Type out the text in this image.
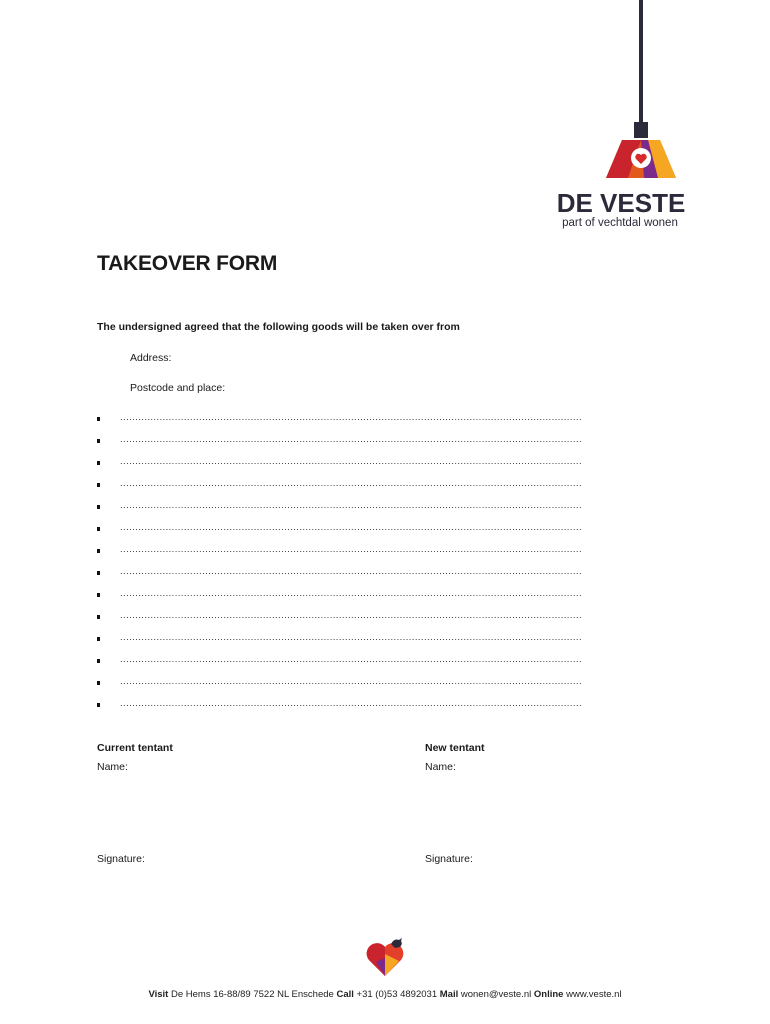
DE VESTE
part of vechtdal wonen
TAKEOVER FORM
The undersigned agreed that the following goods will be taken over from
Address:
Postcode and place:
........................................................................................................................................................
........................................................................................................................................................
........................................................................................................................................................
........................................................................................................................................................
........................................................................................................................................................
........................................................................................................................................................
........................................................................................................................................................
........................................................................................................................................................
........................................................................................................................................................
........................................................................................................................................................
........................................................................................................................................................
........................................................................................................................................................
........................................................................................................................................................
........................................................................................................................................................
Current tentant	New tentant
Name:	Name:
Signature:	Signature:
Visit De Hems 16-88/89 7522 NL Enschede Call +31 (0)53 4892031 Mail wonen@veste.nl Online www.veste.nl
